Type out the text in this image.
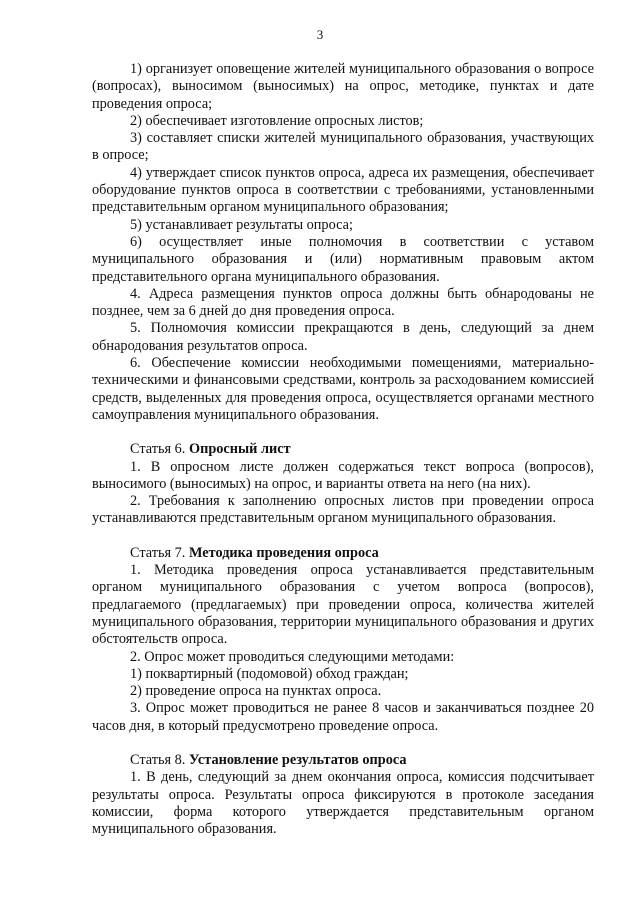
3

1) организует оповещение жителей муниципального образования о вопросе (вопросах), выносимом (выносимых) на опрос, методике, пунктах и дате проведения опроса;

2) обеспечивает изготовление опросных листов;

3) составляет списки жителей муниципального образования, участвующих в опросе;

4) утверждает список пунктов опроса, адреса их размещения, обеспечивает оборудование пунктов опроса в соответствии с требованиями, установленными представительным органом муниципального образования;

5) устанавливает результаты опроса;

6) осуществляет иные полномочия в соответствии с уставом муниципального образования и (или) нормативным правовым актом представительного органа муниципального образования.

4. Адреса размещения пунктов опроса должны быть обнародованы не позднее, чем за 6 дней до дня проведения опроса.

5. Полномочия комиссии прекращаются в день, следующий за днем обнародования результатов опроса.

6. Обеспечение комиссии необходимыми помещениями, материально-техническими и финансовыми средствами, контроль за расходованием комиссией средств, выделенных для проведения опроса, осуществляется органами местного самоуправления муниципального образования.

Статья 6. Опросный лист

1. В опросном листе должен содержаться текст вопроса (вопросов), выносимого (выносимых) на опрос, и варианты ответа на него (на них).

2. Требования к заполнению опросных листов при проведении опроса устанавливаются представительным органом муниципального образования.

Статья 7. Методика проведения опроса

1. Методика проведения опроса устанавливается представительным органом муниципального образования с учетом вопроса (вопросов), предлагаемого (предлагаемых) при проведении опроса, количества жителей муниципального образования, территории муниципального образования и других обстоятельств опроса.

2. Опрос может проводиться следующими методами:

1) поквартирный (подомовой) обход граждан;

2) проведение опроса на пунктах опроса.

3. Опрос может проводиться не ранее 8 часов и заканчиваться позднее 20 часов дня, в который предусмотрено проведение опроса.

Статья 8. Установление результатов опроса

1. В день, следующий за днем окончания опроса, комиссия подсчитывает результаты опроса. Результаты опроса фиксируются в протоколе заседания комиссии, форма которого утверждается представительным органом муниципального образования.
